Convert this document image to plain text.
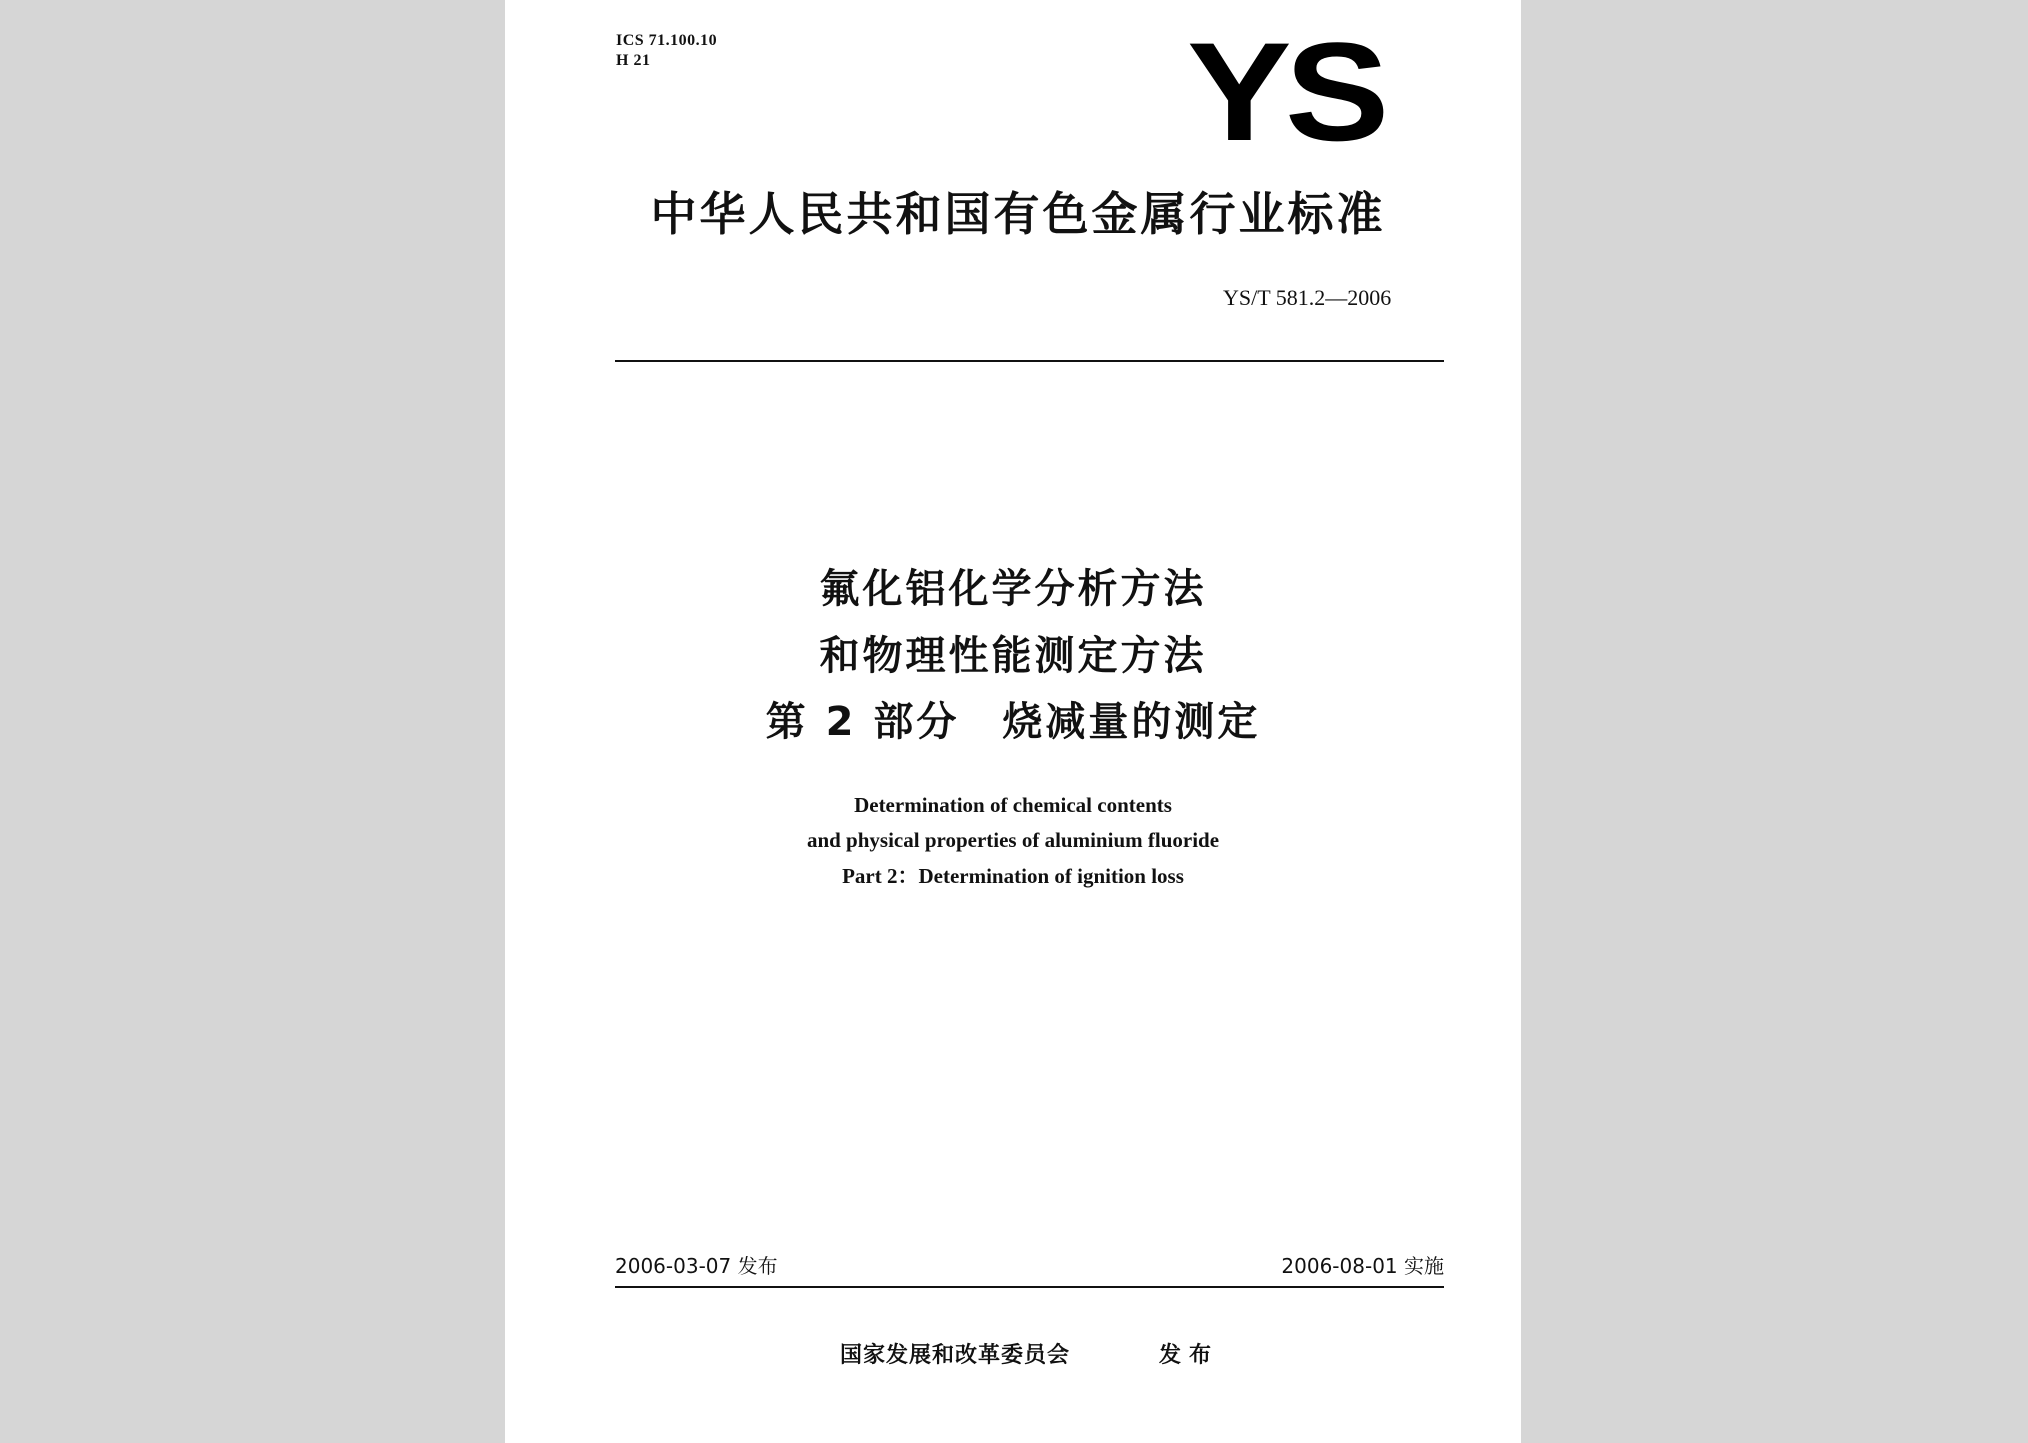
ICS 71.100.10
H 21	YS
中华人民共和国有色金属行业标准
YS/T 581.2—2006
氟化铝化学分析方法
和物理性能测定方法
第 2 部分　烧减量的测定
Determination of chemical contents
and physical properties of aluminium fluoride
Part 2：Determination of ignition loss
2006-03-07 发布	2006-08-01 实施
国家发展和改革委员会	发布
